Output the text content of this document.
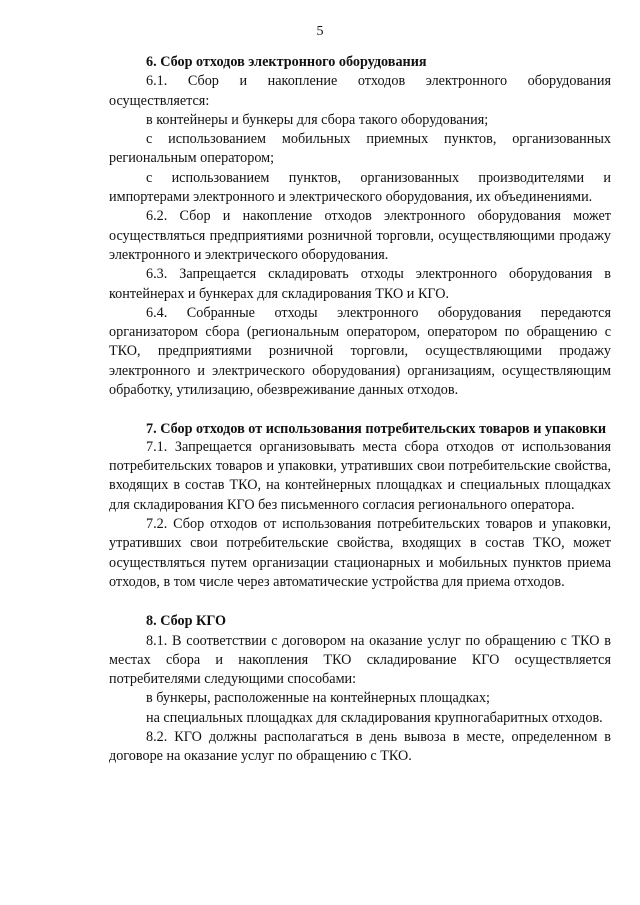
5

6. Сбор отходов электронного оборудования

6.1. Сбор и накопление отходов электронного оборудования осуществляется:

в контейнеры и бункеры для сбора такого оборудования;

с использованием мобильных приемных пунктов, организованных региональным оператором;

с использованием пунктов, организованных производителями и импортерами электронного и электрического оборудования, их объединениями.

6.2. Сбор и накопление отходов электронного оборудования может осуществляться предприятиями розничной торговли, осуществляющими продажу электронного и электрического оборудования.

6.3. Запрещается складировать отходы электронного оборудования в контейнерах и бункерах для складирования ТКО и КГО.

6.4. Собранные отходы электронного оборудования передаются организатором сбора (региональным оператором, оператором по обращению с ТКО, предприятиями розничной торговли, осуществляющими продажу электронного и электрического оборудования) организациям, осуществляющим обработку, утилизацию, обезвреживание данных отходов.

7. Сбор отходов от использования потребительских товаров и упаковки

7.1. Запрещается организовывать места сбора отходов от использования потребительских товаров и упаковки, утративших свои потребительские свойства, входящих в состав ТКО, на контейнерных площадках и специальных площадках для складирования КГО без письменного согласия регионального оператора.

7.2. Сбор отходов от использования потребительских товаров и упаковки, утративших свои потребительские свойства, входящих в состав ТКО, может осуществляться путем организации стационарных и мобильных пунктов приема отходов, в том числе через автоматические устройства для приема отходов.

8. Сбор КГО

8.1. В соответствии с договором на оказание услуг по обращению с ТКО в местах сбора и накопления ТКО складирование КГО осуществляется потребителями следующими способами:

в бункеры, расположенные на контейнерных площадках;

на специальных площадках для складирования крупногабаритных отходов.

8.2. КГО должны располагаться в день вывоза в месте, определенном в договоре на оказание услуг по обращению с ТКО.
